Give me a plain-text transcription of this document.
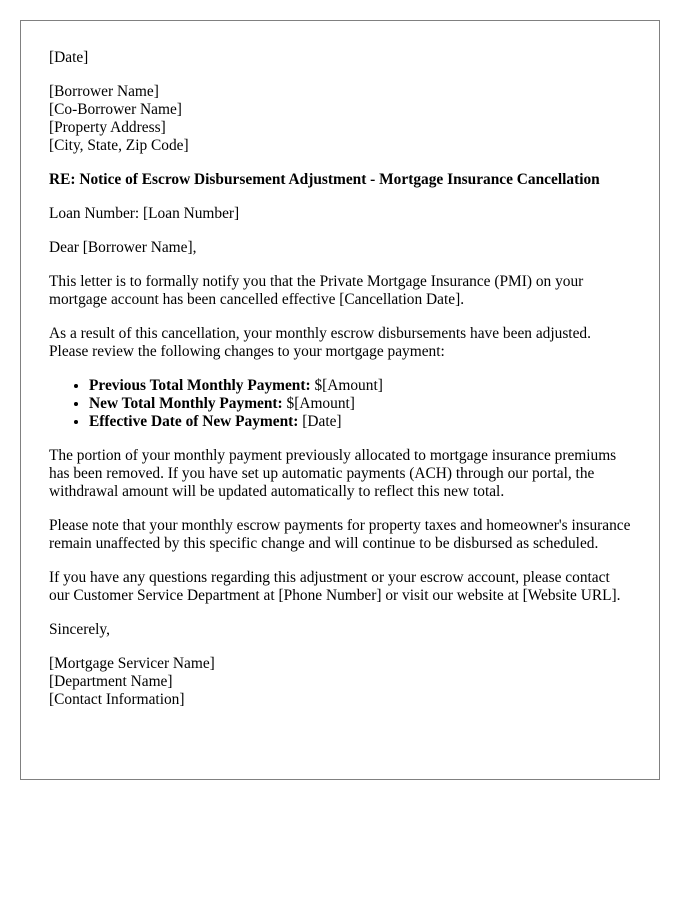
[Date]
[Borrower Name]
[Co-Borrower Name]
[Property Address]
[City, State, Zip Code]

RE: Notice of Escrow Disbursement Adjustment - Mortgage Insurance Cancellation

Loan Number: [Loan Number]

Dear [Borrower Name],

This letter is to formally notify you that the Private Mortgage Insurance (PMI) on your mortgage account has been cancelled effective [Cancellation Date].

As a result of this cancellation, your monthly escrow disbursements have been adjusted. Please review the following changes to your mortgage payment:

• Previous Total Monthly Payment: $[Amount]
• New Total Monthly Payment: $[Amount]
• Effective Date of New Payment: [Date]

The portion of your monthly payment previously allocated to mortgage insurance premiums has been removed. If you have set up automatic payments (ACH) through our portal, the withdrawal amount will be updated automatically to reflect this new total.

Please note that your monthly escrow payments for property taxes and homeowner's insurance remain unaffected by this specific change and will continue to be disbursed as scheduled.

If you have any questions regarding this adjustment or your escrow account, please contact our Customer Service Department at [Phone Number] or visit our website at [Website URL].

Sincerely,

[Mortgage Servicer Name]
[Department Name]
[Contact Information]
